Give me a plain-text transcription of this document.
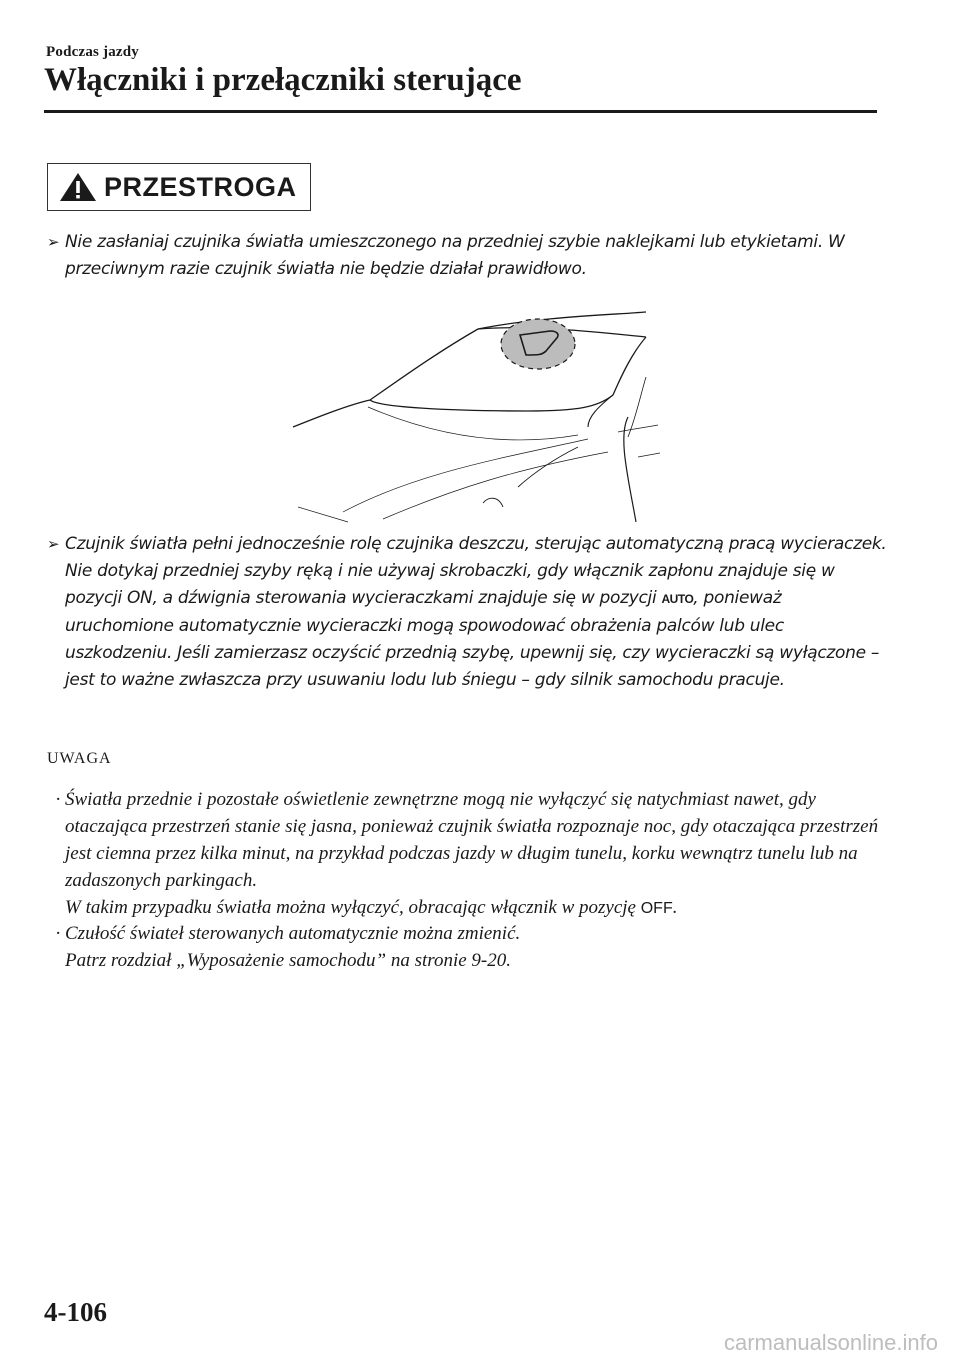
Podczas jazdy
Włączniki i przełączniki sterujące
PRZESTROGA
➢ Nie zasłaniaj czujnika światła umieszczonego na przedniej szybie naklejkami lub etykietami. W przeciwnym razie czujnik światła nie będzie działał prawidłowo.
➢ Czujnik światła pełni jednocześnie rolę czujnika deszczu, sterując automatyczną pracą wycieraczek. Nie dotykaj przedniej szyby ręką i nie używaj skrobaczki, gdy włącznik zapłonu znajduje się w pozycji ON, a dźwignia sterowania wycieraczkami znajduje się w pozycji AUTO, ponieważ uruchomione automatycznie wycieraczki mogą spowodować obrażenia palców lub ulec uszkodzeniu. Jeśli zamierzasz oczyścić przednią szybę, upewnij się, czy wycieraczki są wyłączone – jest to ważne zwłaszcza przy usuwaniu lodu lub śniegu – gdy silnik samochodu pracuje.
UWAGA
· Światła przednie i pozostałe oświetlenie zewnętrzne mogą nie wyłączyć się natychmiast nawet, gdy otaczająca przestrzeń stanie się jasna, ponieważ czujnik światła rozpoznaje noc, gdy otaczająca przestrzeń jest ciemna przez kilka minut, na przykład podczas jazdy w długim tunelu, korku wewnątrz tunelu lub na zadaszonych parkingach.
W takim przypadku światła można wyłączyć, obracając włącznik w pozycję OFF.
· Czułość świateł sterowanych automatycznie można zmienić.
Patrz rozdział „Wyposażenie samochodu” na stronie 9-20.
4-106
carmanualsonline.info
